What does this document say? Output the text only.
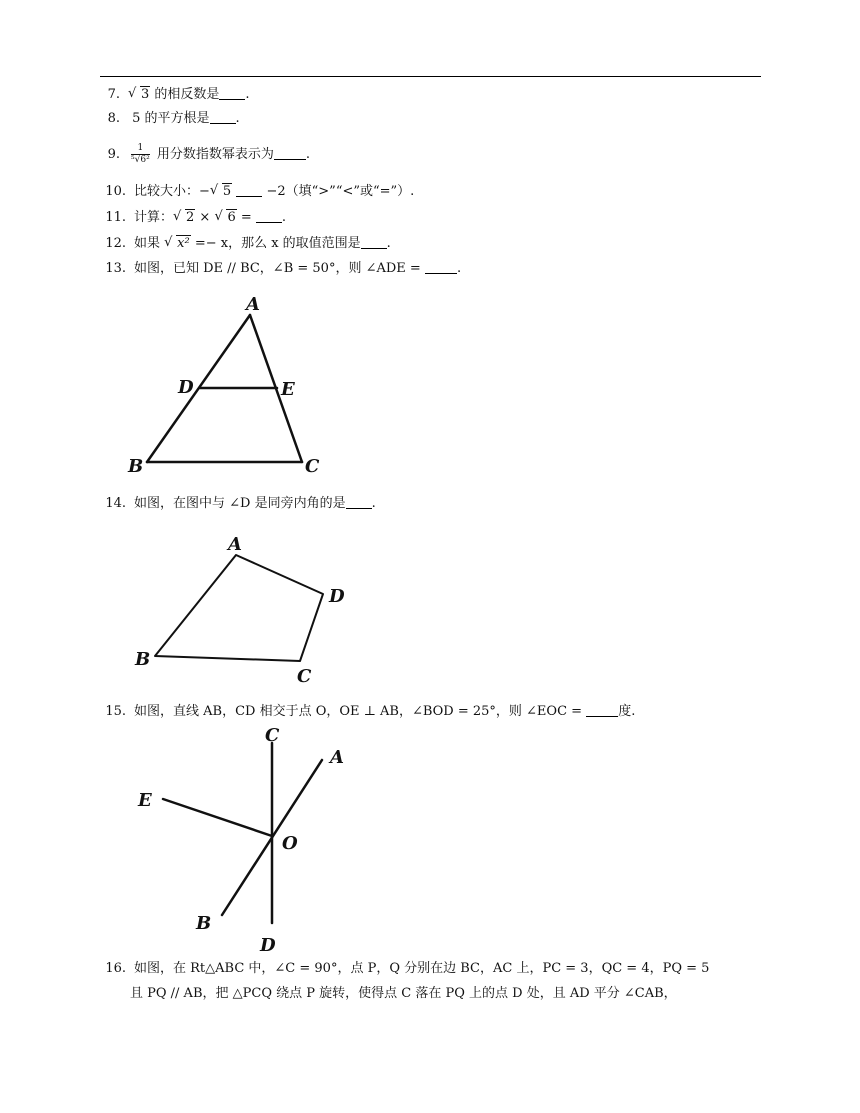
7. √ 3 的相反数是 .
8. 5 的平方根是 .
9. $\frac{1}{\text{⁵√6²}}$ 用分数指数幂表示为 .
10. 比较大小：− √ 5	−2（填“>”“<”或“=”）.
11. 计算： √ 2 × √ 6 = .
12. 如果 √ x² =− x，那么 x 的取值范围是 .
13. 如图，已知 DE // BC，∠B = 50°，则 ∠ADE = .
A
D	E
B	C
14. 如图，在图中与 ∠D 是同旁内角的是 .
A
D
B
C
15. 如图，直线 AB，CD 相交于点 O，OE ⊥ AB，∠BOD = 25°，则 ∠EOC = 度.
C
A
E
O
B
D
16. 如图，在 Rt△ABC 中，∠C = 90°，点 P，Q 分别在边 BC，AC 上，PC = 3，QC = 4，PQ = 5
且 PQ // AB，把 △PCQ 绕点 P 旋转，使得点 C 落在 PQ 上的点 D 处，且 AD 平分 ∠CAB，
